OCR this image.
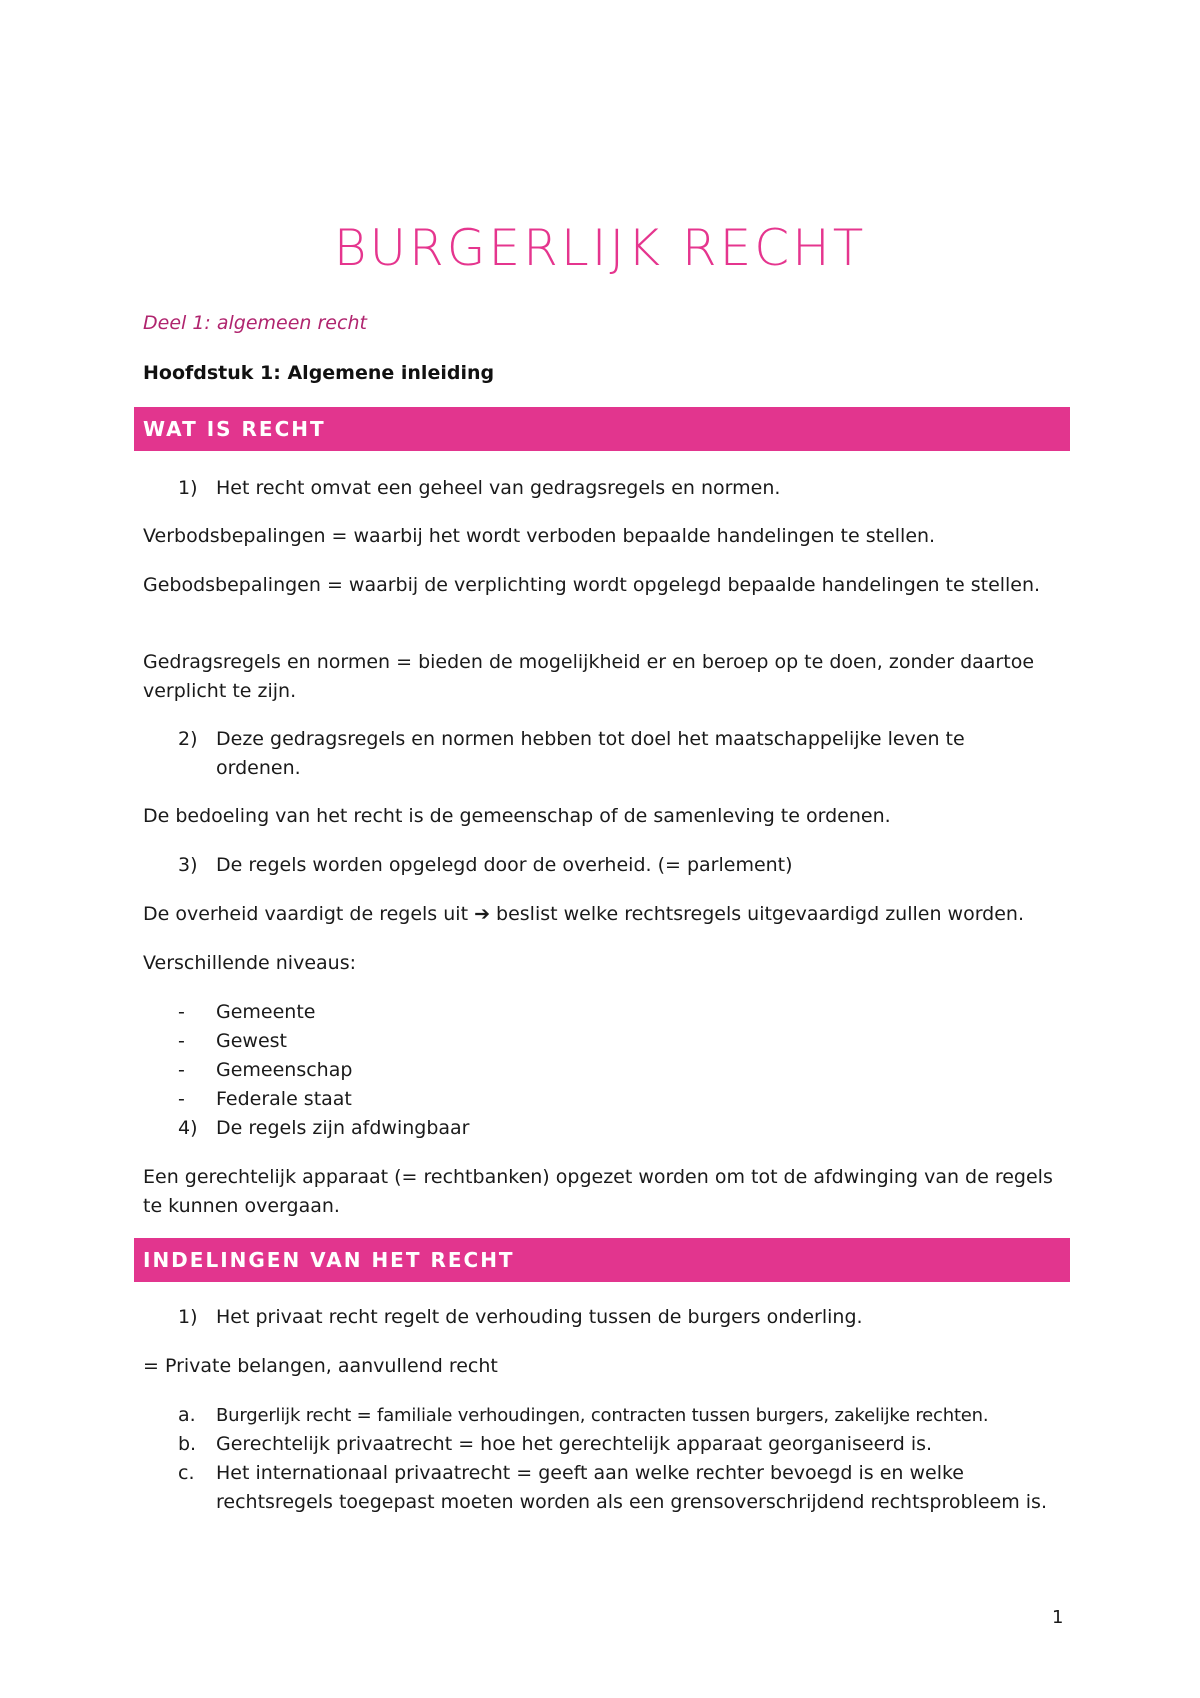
BURGERLIJK RECHT
Deel 1: algemeen recht
Hoofdstuk 1: Algemene inleiding
WAT IS RECHT
1) Het recht omvat een geheel van gedragsregels en normen.
Verbodsbepalingen = waarbij het wordt verboden bepaalde handelingen te stellen.
Gebodsbepalingen = waarbij de verplichting wordt opgelegd bepaalde handelingen te stellen.
Gedragsregels en normen = bieden de mogelijkheid er en beroep op te doen, zonder daartoe verplicht te zijn.
2) Deze gedragsregels en normen hebben tot doel het maatschappelijke leven te ordenen.
De bedoeling van het recht is de gemeenschap of de samenleving te ordenen.
3) De regels worden opgelegd door de overheid. (= parlement)
De overheid vaardigt de regels uit ➔ beslist welke rechtsregels uitgevaardigd zullen worden.
Verschillende niveaus:
- Gemeente
- Gewest
- Gemeenschap
- Federale staat
4) De regels zijn afdwingbaar
Een gerechtelijk apparaat (= rechtbanken) opgezet worden om tot de afdwinging van de regels te kunnen overgaan.
INDELINGEN VAN HET RECHT
1) Het privaat recht regelt de verhouding tussen de burgers onderling.
= Private belangen, aanvullend recht
a. Burgerlijk recht = familiale verhoudingen, contracten tussen burgers, zakelijke rechten.
b. Gerechtelijk privaatrecht = hoe het gerechtelijk apparaat georganiseerd is.
c. Het internationaal privaatrecht = geeft aan welke rechter bevoegd is en welke rechtsregels toegepast moeten worden als een grensoverschrijdend rechtsprobleem is.
1
